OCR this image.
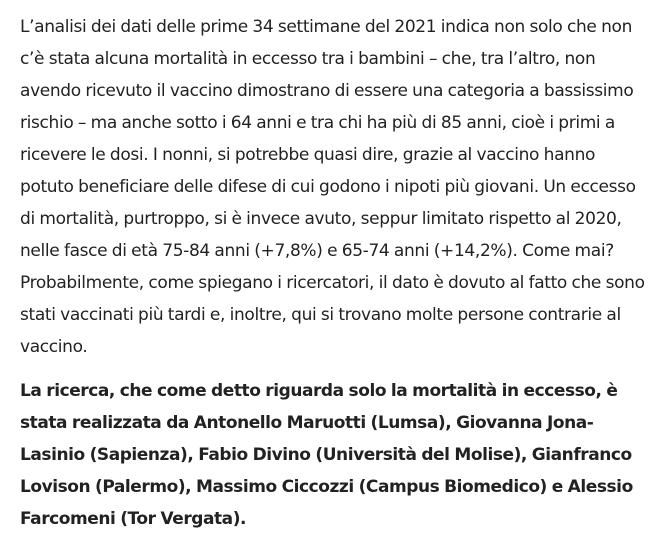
L’analisi dei dati delle prime 34 settimane del 2021 indica non solo che non c’è stata alcuna mortalità in eccesso tra i bambini – che, tra l’altro, non avendo ricevuto il vaccino dimostrano di essere una categoria a bassissimo rischio – ma anche sotto i 64 anni e tra chi ha più di 85 anni, cioè i primi a ricevere le dosi. I nonni, si potrebbe quasi dire, grazie al vaccino hanno potuto beneficiare delle difese di cui godono i nipoti più giovani. Un eccesso di mortalità, purtroppo, si è invece avuto, seppur limitato rispetto al 2020, nelle fasce di età 75-84 anni (+7,8%) e 65-74 anni (+14,2%). Come mai? Probabilmente, come spiegano i ricercatori, il dato è dovuto al fatto che sono stati vaccinati più tardi e, inoltre, qui si trovano molte persone contrarie al vaccino.

La ricerca, che come detto riguarda solo la mortalità in eccesso, è stata realizzata da Antonello Maruotti (Lumsa), Giovanna Jona-Lasinio (Sapienza), Fabio Divino (Università del Molise), Gianfranco Lovison (Palermo), Massimo Ciccozzi (Campus Biomedico) e Alessio Farcomeni (Tor Vergata).
